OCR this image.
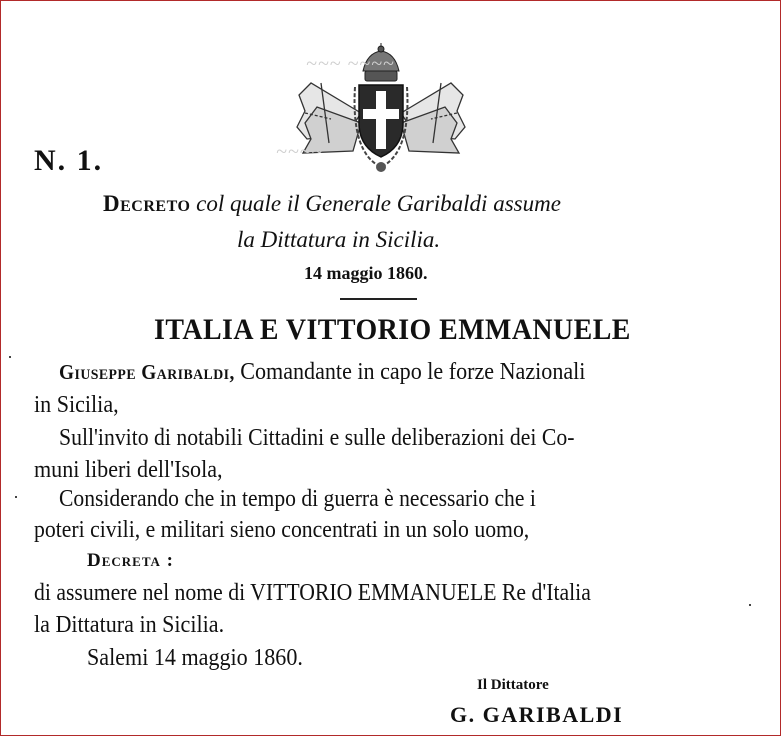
~~~ ~~~~
~~~~
N. 1.
Decreto col quale il Generale Garibaldi assume
la Dittatura in Sicilia.
14 maggio 1860.
ITALIA E VITTORIO EMMANUELE
Giuseppe Garibaldi, Comandante in capo le forze Nazionali
in Sicilia,
Sull'invito di notabili Cittadini e sulle deliberazioni dei Co-
muni liberi dell'Isola,
Considerando che in tempo di guerra è necessario che i
poteri civili, e militari sieno concentrati in un solo uomo,
Decreta :
di assumere nel nome di VITTORIO EMMANUELE Re d'Italia
la Dittatura in Sicilia.
Salemi 14 maggio 1860.
Il Dittatore
G. GARIBALDI
